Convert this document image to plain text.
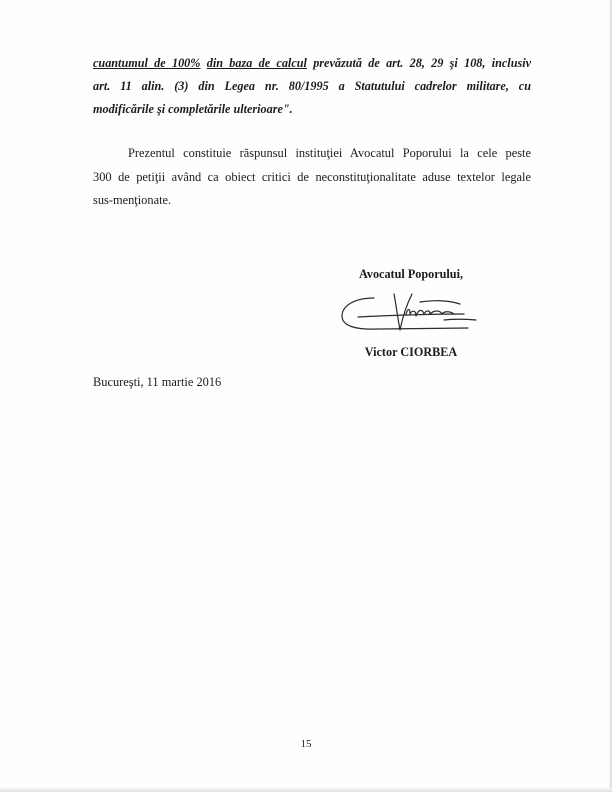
cuantumul de 100% din baza de calcul prevăzută de art. 28, 29 şi 108, inclusiv
art. 11 alin. (3) din Legea nr. 80/1995 a Statutului cadrelor militare, cu
modificările şi completările ulterioare".
Prezentul constituie răspunsul instituţiei Avocatul Poporului la cele peste
300 de petiţii având ca obiect critici de neconstituţionalitate aduse textelor legale
sus-menţionate.
Avocatul Poporului,
Victor CIORBEA
Bucureşti, 11 martie 2016
15
